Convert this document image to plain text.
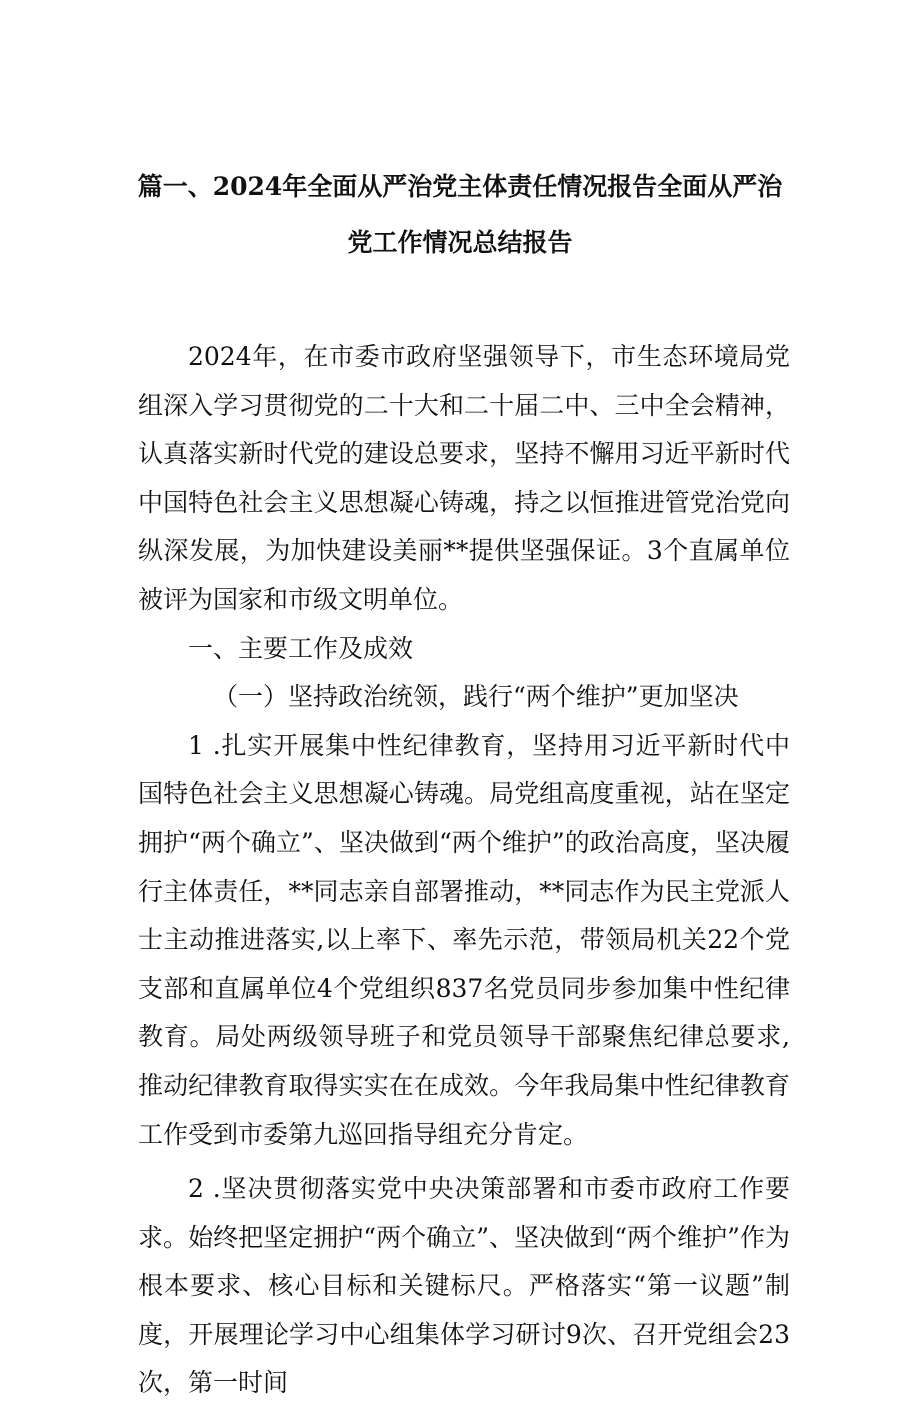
篇一、2024年全面从严治党主体责任情况报告全面从严治
党工作情况总结报告

2024年，在市委市政府坚强领导下，市生态环境局党组深入学习贯彻党的二十大和二十届二中、三中全会精神，认真落实新时代党的建设总要求，坚持不懈用习近平新时代中国特色社会主义思想凝心铸魂，持之以恒推进管党治党向纵深发展，为加快建设美丽**提供坚强保证。3个直属单位被评为国家和市级文明单位。

一、主要工作及成效

（一）坚持政治统领，践行“两个维护”更加坚决

1 .扎实开展集中性纪律教育，坚持用习近平新时代中国特色社会主义思想凝心铸魂。局党组高度重视，站在坚定拥护“两个确立”、坚决做到“两个维护”的政治高度，坚决履行主体责任，**同志亲自部署推动，**同志作为民主党派人士主动推进落实,以上率下、率先示范，带领局机关22个党支部和直属单位4个党组织837名党员同步参加集中性纪律教育。局处两级领导班子和党员领导干部聚焦纪律总要求,推动纪律教育取得实实在在成效。今年我局集中性纪律教育工作受到市委第九巡回指导组充分肯定。

2 .坚决贯彻落实党中央决策部署和市委市政府工作要求。始终把坚定拥护“两个确立”、坚决做到“两个维护”作为根本要求、核心目标和关键标尺。严格落实“第一议题”制度，开展理论学习中心组集体学习研讨9次、召开党组会23次，第一时间
